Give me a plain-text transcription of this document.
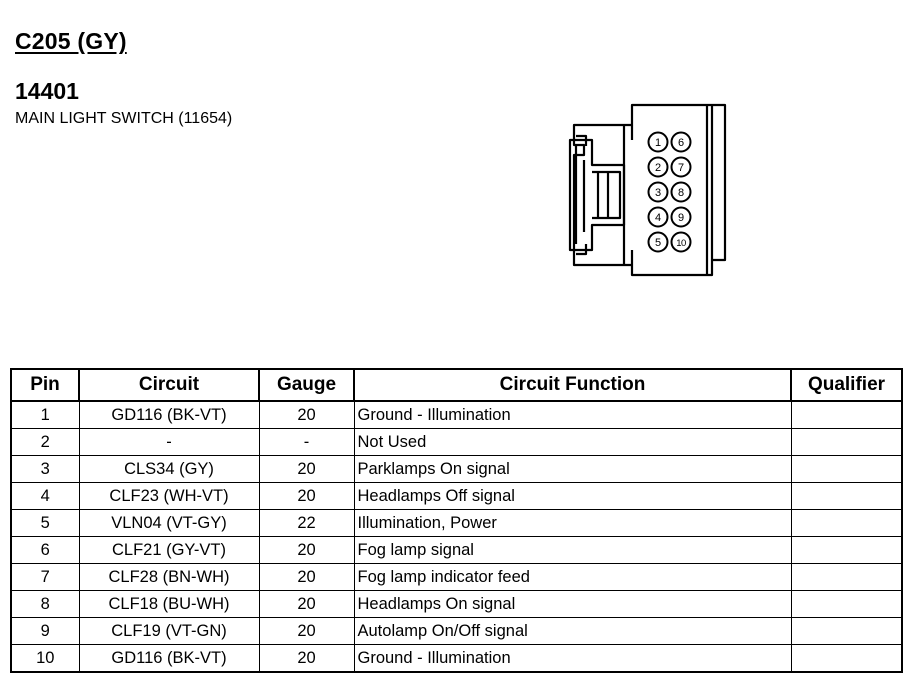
C205 (GY)
14401
MAIN LIGHT SWITCH (11654)
1
2
3
4
5
6
7
8
9
10
Pin	Circuit	Gauge	Circuit Function	Qualifier
1	GD116 (BK-VT)	20	Ground - Illumination	
2	-	-	Not Used	
3	CLS34 (GY)	20	Parklamps On signal	
4	CLF23 (WH-VT)	20	Headlamps Off signal	
5	VLN04 (VT-GY)	22	Illumination, Power	
6	CLF21 (GY-VT)	20	Fog lamp signal	
7	CLF28 (BN-WH)	20	Fog lamp indicator feed	
8	CLF18 (BU-WH)	20	Headlamps On signal	
9	CLF19 (VT-GN)	20	Autolamp On/Off signal	
10	GD116 (BK-VT)	20	Ground - Illumination	
